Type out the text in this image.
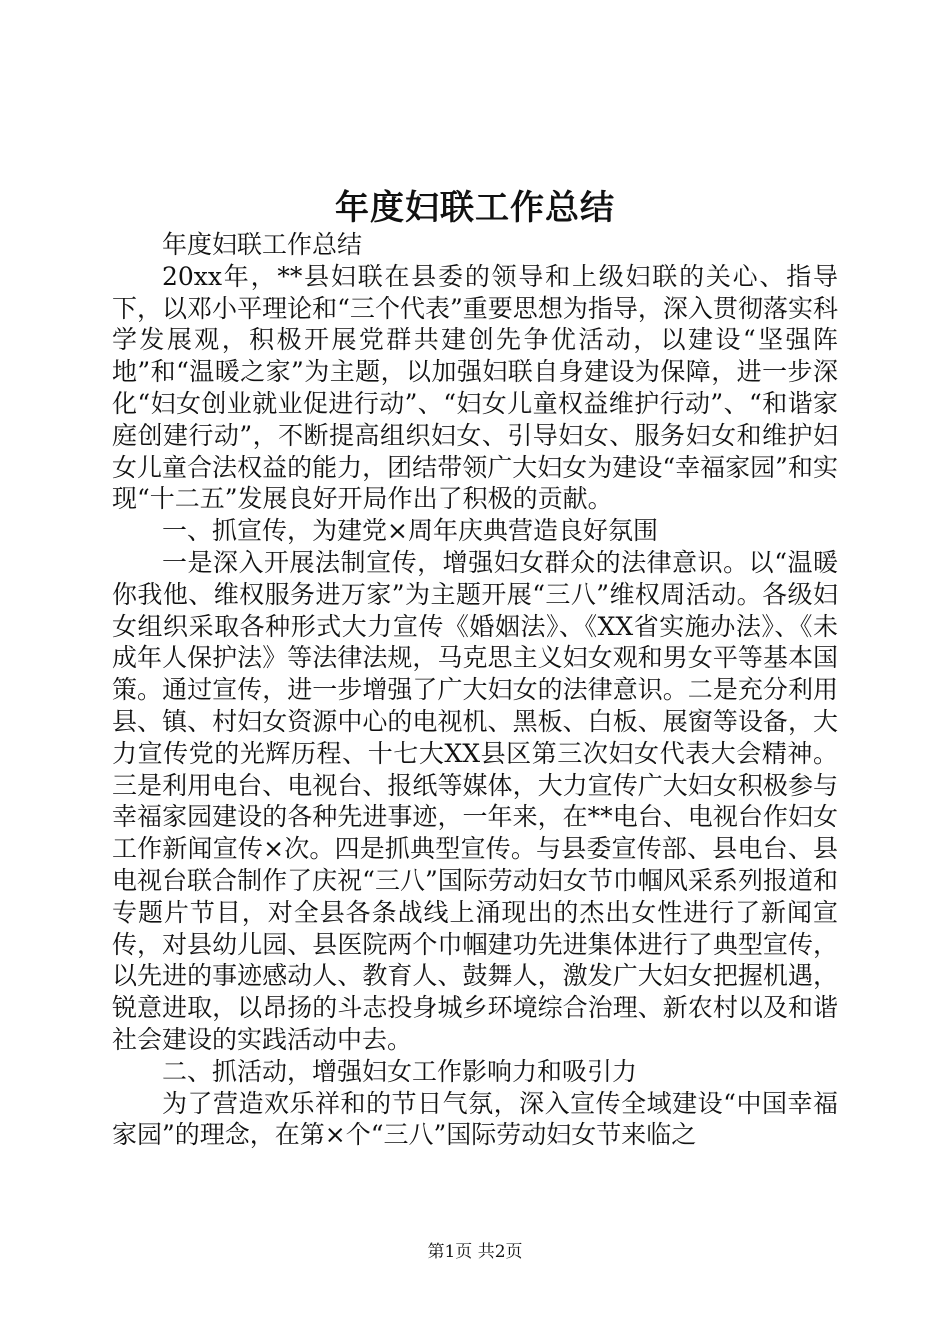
年度妇联工作总结

年度妇联工作总结

20xx年，**县妇联在县委的领导和上级妇联的关心、指导下，以邓小平理论和“三个代表”重要思想为指导，深入贯彻落实科学发展观，积极开展党群共建创先争优活动，以建设“坚强阵地”和“温暖之家”为主题，以加强妇联自身建设为保障，进一步深化“妇女创业就业促进行动”、“妇女儿童权益维护行动”、“和谐家庭创建行动”，不断提高组织妇女、引导妇女、服务妇女和维护妇女儿童合法权益的能力，团结带领广大妇女为建设“幸福家园”和实现“十二五”发展良好开局作出了积极的贡献。

一、抓宣传，为建党×周年庆典营造良好氛围

一是深入开展法制宣传，增强妇女群众的法律意识。以“温暖你我他、维权服务进万家”为主题开展“三八”维权周活动。各级妇女组织采取各种形式大力宣传《婚姻法》、《XX省实施办法》、《未成年人保护法》等法律法规，马克思主义妇女观和男女平等基本国策。通过宣传，进一步增强了广大妇女的法律意识。二是充分利用县、镇、村妇女资源中心的电视机、黑板、白板、展窗等设备，大力宣传党的光辉历程、十七大XX县区第三次妇女代表大会精神。三是利用电台、电视台、报纸等媒体，大力宣传广大妇女积极参与幸福家园建设的各种先进事迹，一年来，在**电台、电视台作妇女工作新闻宣传×次。四是抓典型宣传。与县委宣传部、县电台、县电视台联合制作了庆祝“三八”国际劳动妇女节巾帼风采系列报道和专题片节目，对全县各条战线上涌现出的杰出女性进行了新闻宣传，对县幼儿园、县医院两个巾帼建功先进集体进行了典型宣传，以先进的事迹感动人、教育人、鼓舞人，激发广大妇女把握机遇，锐意进取，以昂扬的斗志投身城乡环境综合治理、新农村以及和谐社会建设的实践活动中去。

二、抓活动，增强妇女工作影响力和吸引力

为了营造欢乐祥和的节日气氛，深入宣传全域建设“中国幸福家园”的理念，在第×个“三八”国际劳动妇女节来临之

第1页 共2页
